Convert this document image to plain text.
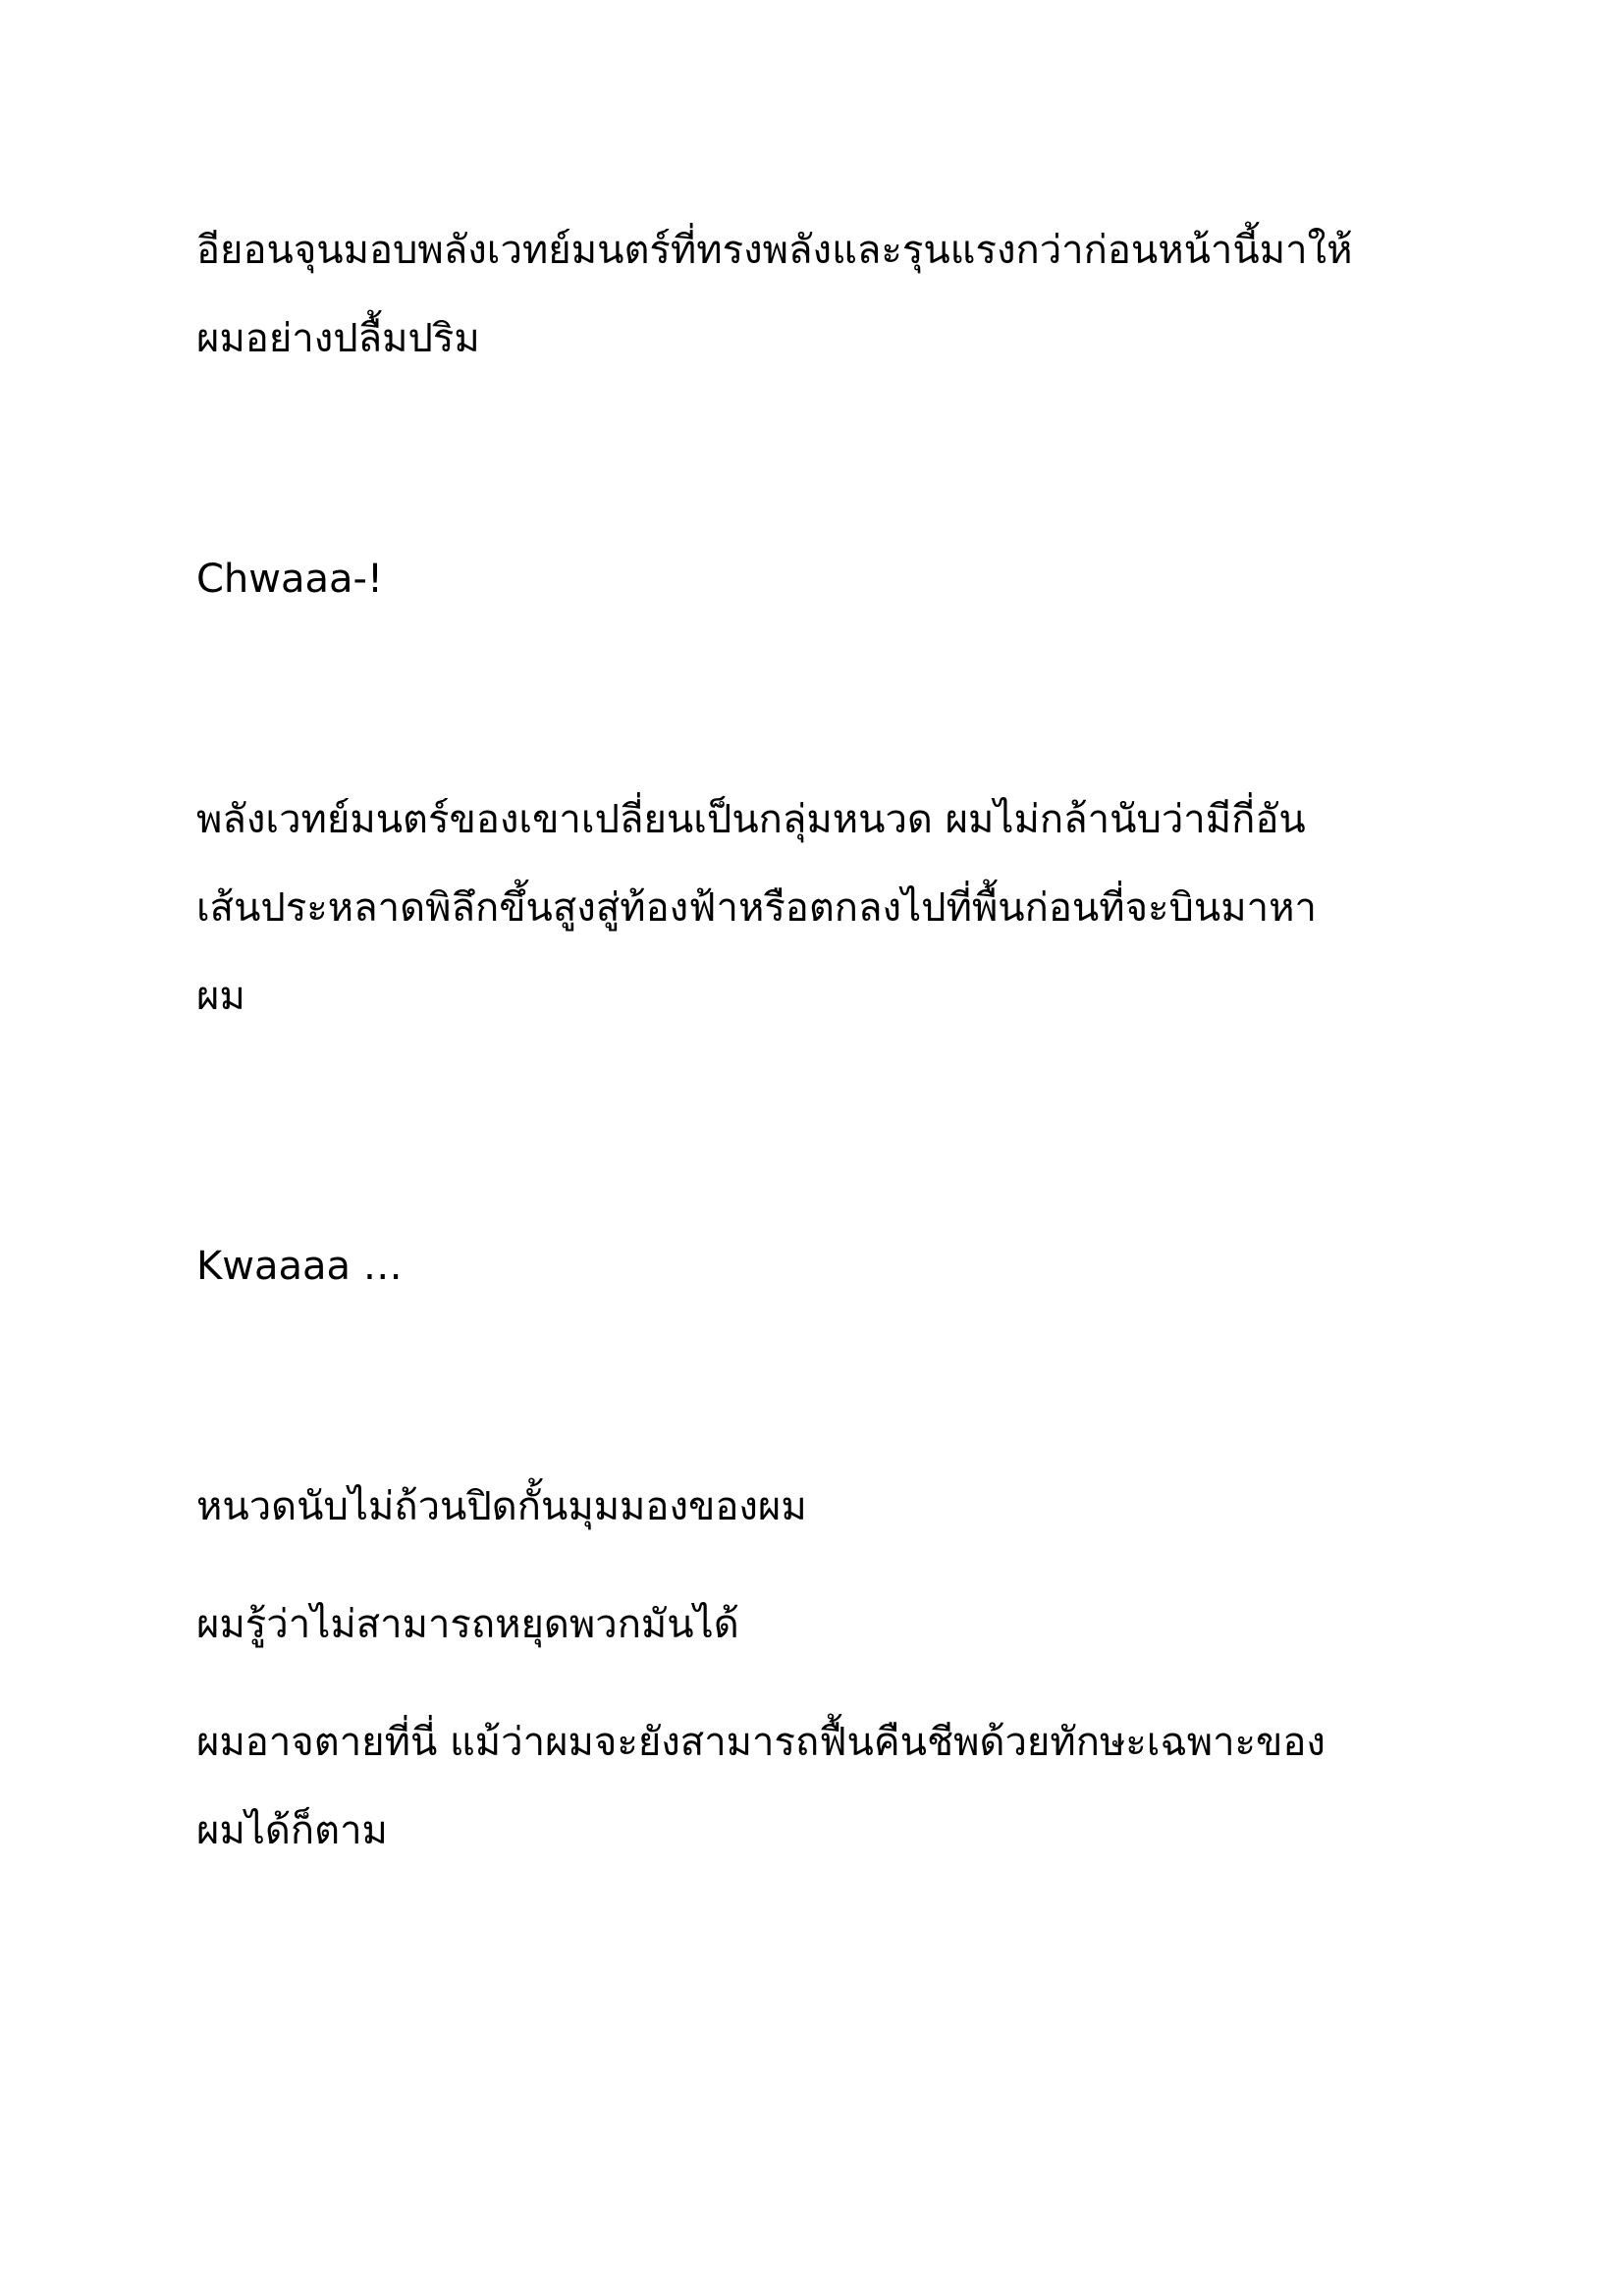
อียอนจุนมอบพลังเวทย์มนตร์ที่ทรงพลังและรุนแรงกว่าก่อนหน้านี้มาให้
ผมอย่างปลื้มปริม

Chwaaa-!

พลังเวทย์มนตร์ของเขาเปลี่ยนเป็นกลุ่มหนวด ผมไม่กล้านับว่ามีกี่อัน
เส้นประหลาดพิลึกขึ้นสูงสู่ท้องฟ้าหรือตกลงไปที่พื้นก่อนที่จะบินมาหา
ผม

Kwaaaa …

หนวดนับไม่ถ้วนปิดกั้นมุมมองของผม

ผมรู้ว่าไม่สามารถหยุดพวกมันได้

ผมอาจตายที่นี่ แม้ว่าผมจะยังสามารถฟื้นคืนชีพด้วยทักษะเฉพาะของ
ผมได้ก็ตาม
